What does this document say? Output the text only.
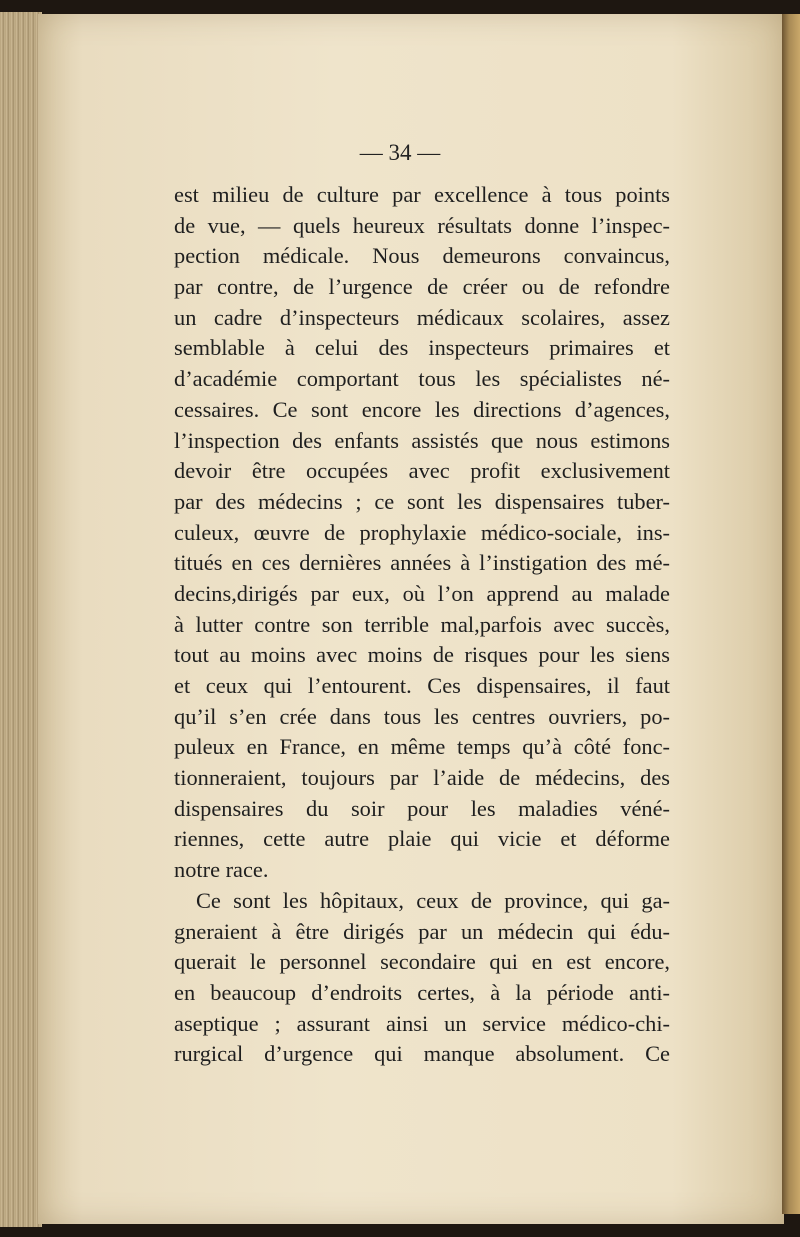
— 34 —
est milieu de culture par excellence à tous points
de vue, — quels heureux résultats donne l’inspec-
pection médicale. Nous demeurons convaincus,
par contre, de l’urgence de créer ou de refondre
un cadre d’inspecteurs médicaux scolaires, assez
semblable à celui des inspecteurs primaires et
d’académie comportant tous les spécialistes né-
cessaires. Ce sont encore les directions d’agences,
l’inspection des enfants assistés que nous estimons
devoir être occupées avec profit exclusivement
par des médecins ; ce sont les dispensaires tuber-
culeux, œuvre de prophylaxie médico-sociale, ins-
titués en ces dernières années à l’instigation des mé-
decins,dirigés par eux, où l’on apprend au malade
à lutter contre son terrible mal,parfois avec succès,
tout au moins avec moins de risques pour les siens
et ceux qui l’entourent. Ces dispensaires, il faut
qu’il s’en crée dans tous les centres ouvriers, po-
puleux en France, en même temps qu’à côté fonc-
tionneraient, toujours par l’aide de médecins, des
dispensaires du soir pour les maladies véné-
riennes, cette autre plaie qui vicie et déforme
notre race.
Ce sont les hôpitaux, ceux de province, qui ga-
gneraient à être dirigés par un médecin qui édu-
querait le personnel secondaire qui en est encore,
en beaucoup d’endroits certes, à la période anti-
aseptique ; assurant ainsi un service médico-chi-
rurgical d’urgence qui manque absolument. Ce
